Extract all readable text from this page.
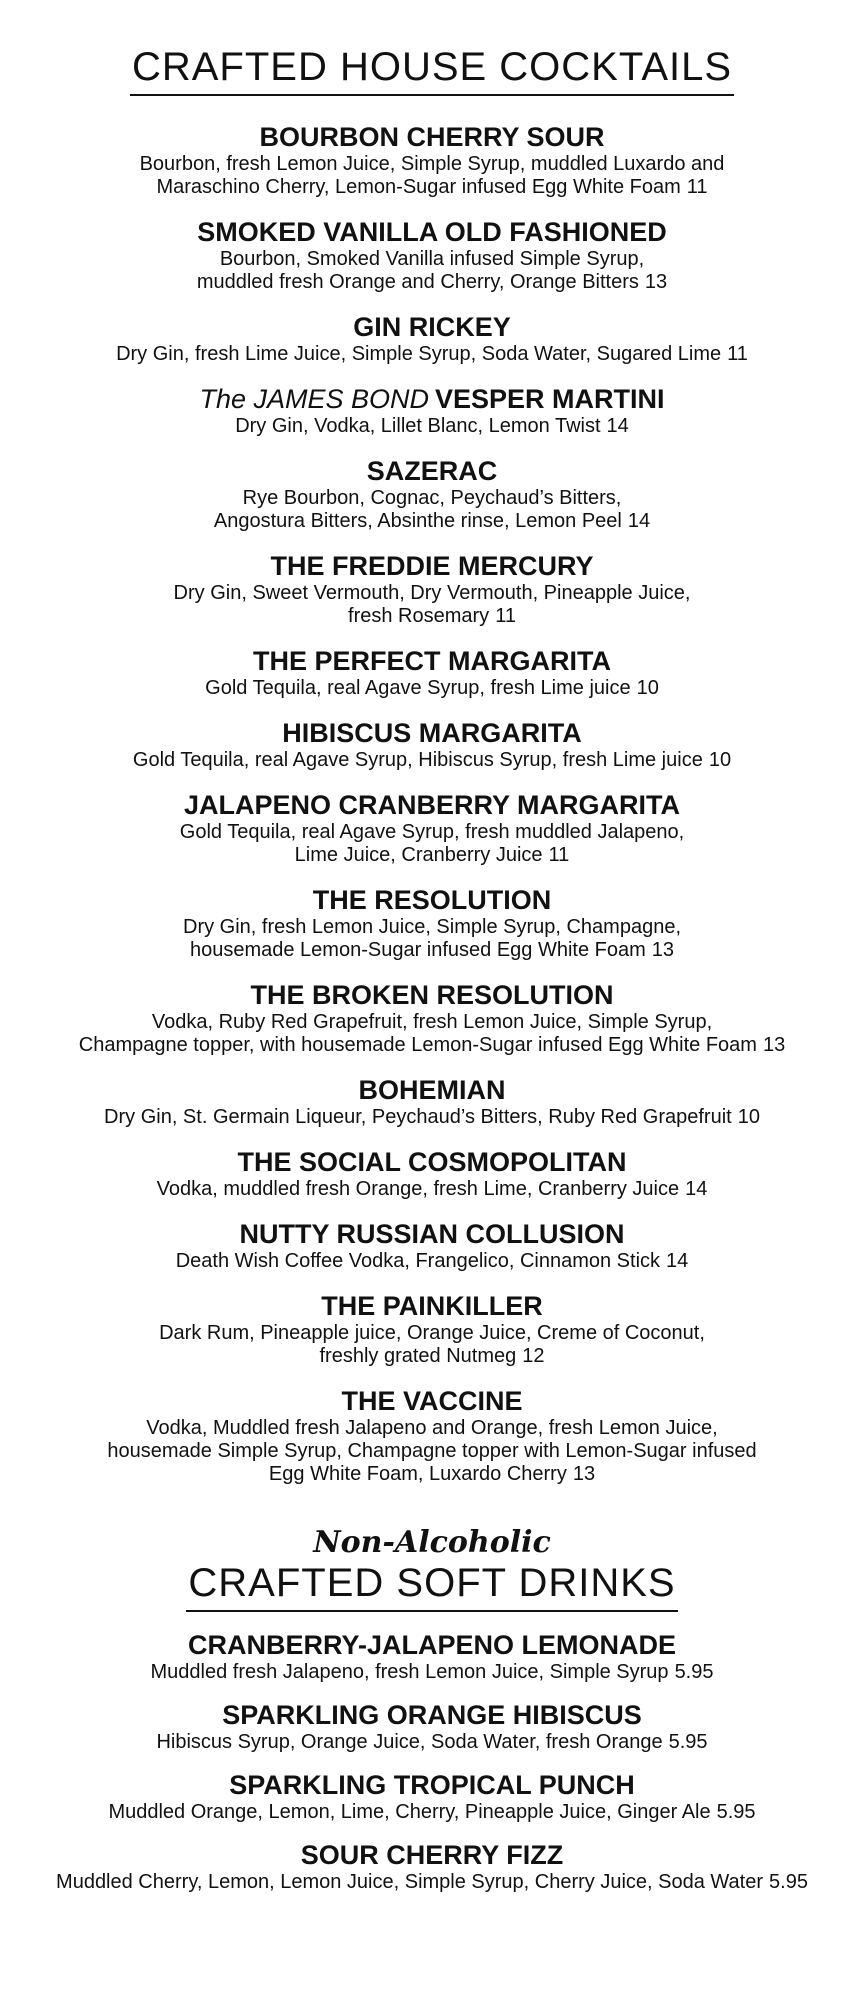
CRAFTED HOUSE COCKTAILS
BOURBON CHERRY SOUR
Bourbon, fresh Lemon Juice, Simple Syrup, muddled Luxardo and
Maraschino Cherry, Lemon-Sugar infused Egg White Foam 11
SMOKED VANILLA OLD FASHIONED
Bourbon, Smoked Vanilla infused Simple Syrup,
muddled fresh Orange and Cherry, Orange Bitters 13
GIN RICKEY
Dry Gin, fresh Lime Juice, Simple Syrup, Soda Water, Sugared Lime 11
The JAMES BOND VESPER MARTINI
Dry Gin, Vodka, Lillet Blanc, Lemon Twist 14
SAZERAC
Rye Bourbon, Cognac, Peychaud’s Bitters,
Angostura Bitters, Absinthe rinse, Lemon Peel 14
THE FREDDIE MERCURY
Dry Gin, Sweet Vermouth, Dry Vermouth, Pineapple Juice,
fresh Rosemary 11
THE PERFECT MARGARITA
Gold Tequila, real Agave Syrup, fresh Lime juice 10
HIBISCUS MARGARITA
Gold Tequila, real Agave Syrup, Hibiscus Syrup, fresh Lime juice 10
JALAPENO CRANBERRY MARGARITA
Gold Tequila, real Agave Syrup, fresh muddled Jalapeno,
Lime Juice, Cranberry Juice 11
THE RESOLUTION
Dry Gin, fresh Lemon Juice, Simple Syrup, Champagne,
housemade Lemon-Sugar infused Egg White Foam 13
THE BROKEN RESOLUTION
Vodka, Ruby Red Grapefruit, fresh Lemon Juice, Simple Syrup,
Champagne topper, with housemade Lemon-Sugar infused Egg White Foam 13
BOHEMIAN
Dry Gin, St. Germain Liqueur, Peychaud’s Bitters, Ruby Red Grapefruit 10
THE SOCIAL COSMOPOLITAN
Vodka, muddled fresh Orange, fresh Lime, Cranberry Juice 14
NUTTY RUSSIAN COLLUSION
Death Wish Coffee Vodka, Frangelico, Cinnamon Stick 14
THE PAINKILLER
Dark Rum, Pineapple juice, Orange Juice, Creme of Coconut,
freshly grated Nutmeg 12
THE VACCINE
Vodka, Muddled fresh Jalapeno and Orange, fresh Lemon Juice,
housemade Simple Syrup, Champagne topper with Lemon-Sugar infused
Egg White Foam, Luxardo Cherry 13
Non-Alcoholic
CRAFTED SOFT DRINKS
CRANBERRY-JALAPENO LEMONADE
Muddled fresh Jalapeno, fresh Lemon Juice, Simple Syrup 5.95
SPARKLING ORANGE HIBISCUS
Hibiscus Syrup, Orange Juice, Soda Water, fresh Orange 5.95
SPARKLING TROPICAL PUNCH
Muddled Orange, Lemon, Lime, Cherry, Pineapple Juice, Ginger Ale 5.95
SOUR CHERRY FIZZ
Muddled Cherry, Lemon, Lemon Juice, Simple Syrup, Cherry Juice, Soda Water 5.95
